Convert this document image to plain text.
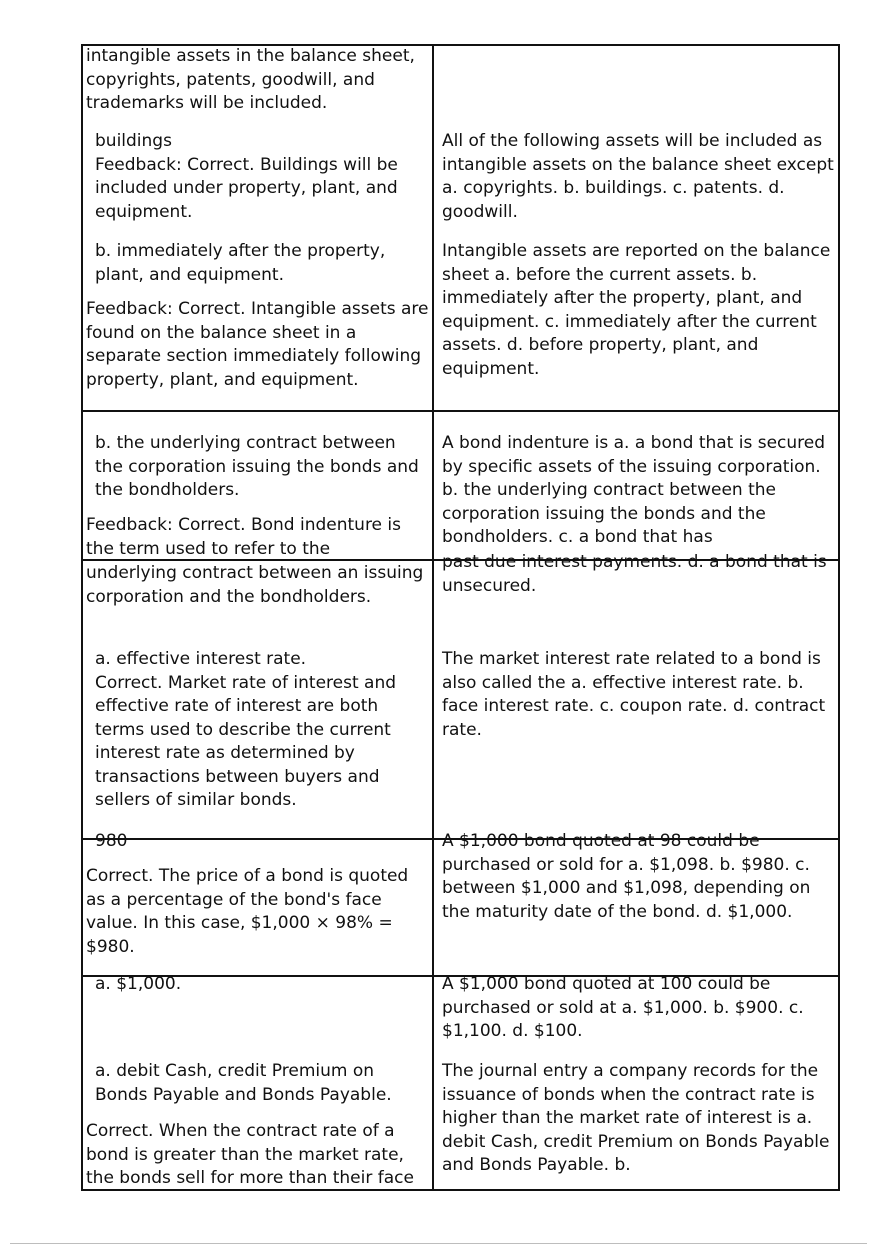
intangible assets in the balance sheet, copyrights, patents, goodwill, and trademarks will be included.

buildings
Feedback: Correct. Buildings will be included under property, plant, and equipment.

All of the following assets will be included as intangible assets on the balance sheet except a. copyrights. b. buildings. c. patents. d. goodwill.

b. immediately after the property, plant, and equipment.

Feedback: Correct. Intangible assets are found on the balance sheet in a separate section immediately following property, plant, and equipment.

Intangible assets are reported on the balance sheet a. before the current assets. b. immediately after the property, plant, and equipment. c. immediately after the current assets. d. before property, plant, and equipment.

b. the underlying contract between the corporation issuing the bonds and the bondholders.

Feedback: Correct. Bond indenture is the term used to refer to the

underlying contract between an issuing corporation and the bondholders.

A bond indenture is a. a bond that is secured by specific assets of the issuing corporation. b. the underlying contract between the corporation issuing the bonds and the bondholders. c. a bond that has

past due interest payments. d. a bond that is unsecured.

a. effective interest rate.
Correct. Market rate of interest and effective rate of interest are both terms used to describe the current interest rate as determined by transactions between buyers and sellers of similar bonds.

The market interest rate related to a bond is also called the a. effective interest rate. b. face interest rate. c. coupon rate. d. contract rate.

980

Correct. The price of a bond is quoted as a percentage of the bond's face value. In this case, $1,000 × 98% = $980.

A $1,000 bond quoted at 98 could be purchased or sold for a. $1,098. b. $980. c. between $1,000 and $1,098, depending on the maturity date of the bond. d. $1,000.

a. $1,000.	A $1,000 bond quoted at 100 could be purchased or sold at a. $1,000. b. $900. c. $1,100. d. $100.

a. debit Cash, credit Premium on Bonds Payable and Bonds Payable.

Correct. When the contract rate of a bond is greater than the market rate, the bonds sell for more than their face

The journal entry a company records for the issuance of bonds when the contract rate is higher than the market rate of interest is a. debit Cash, credit Premium on Bonds Payable and Bonds Payable. b.
